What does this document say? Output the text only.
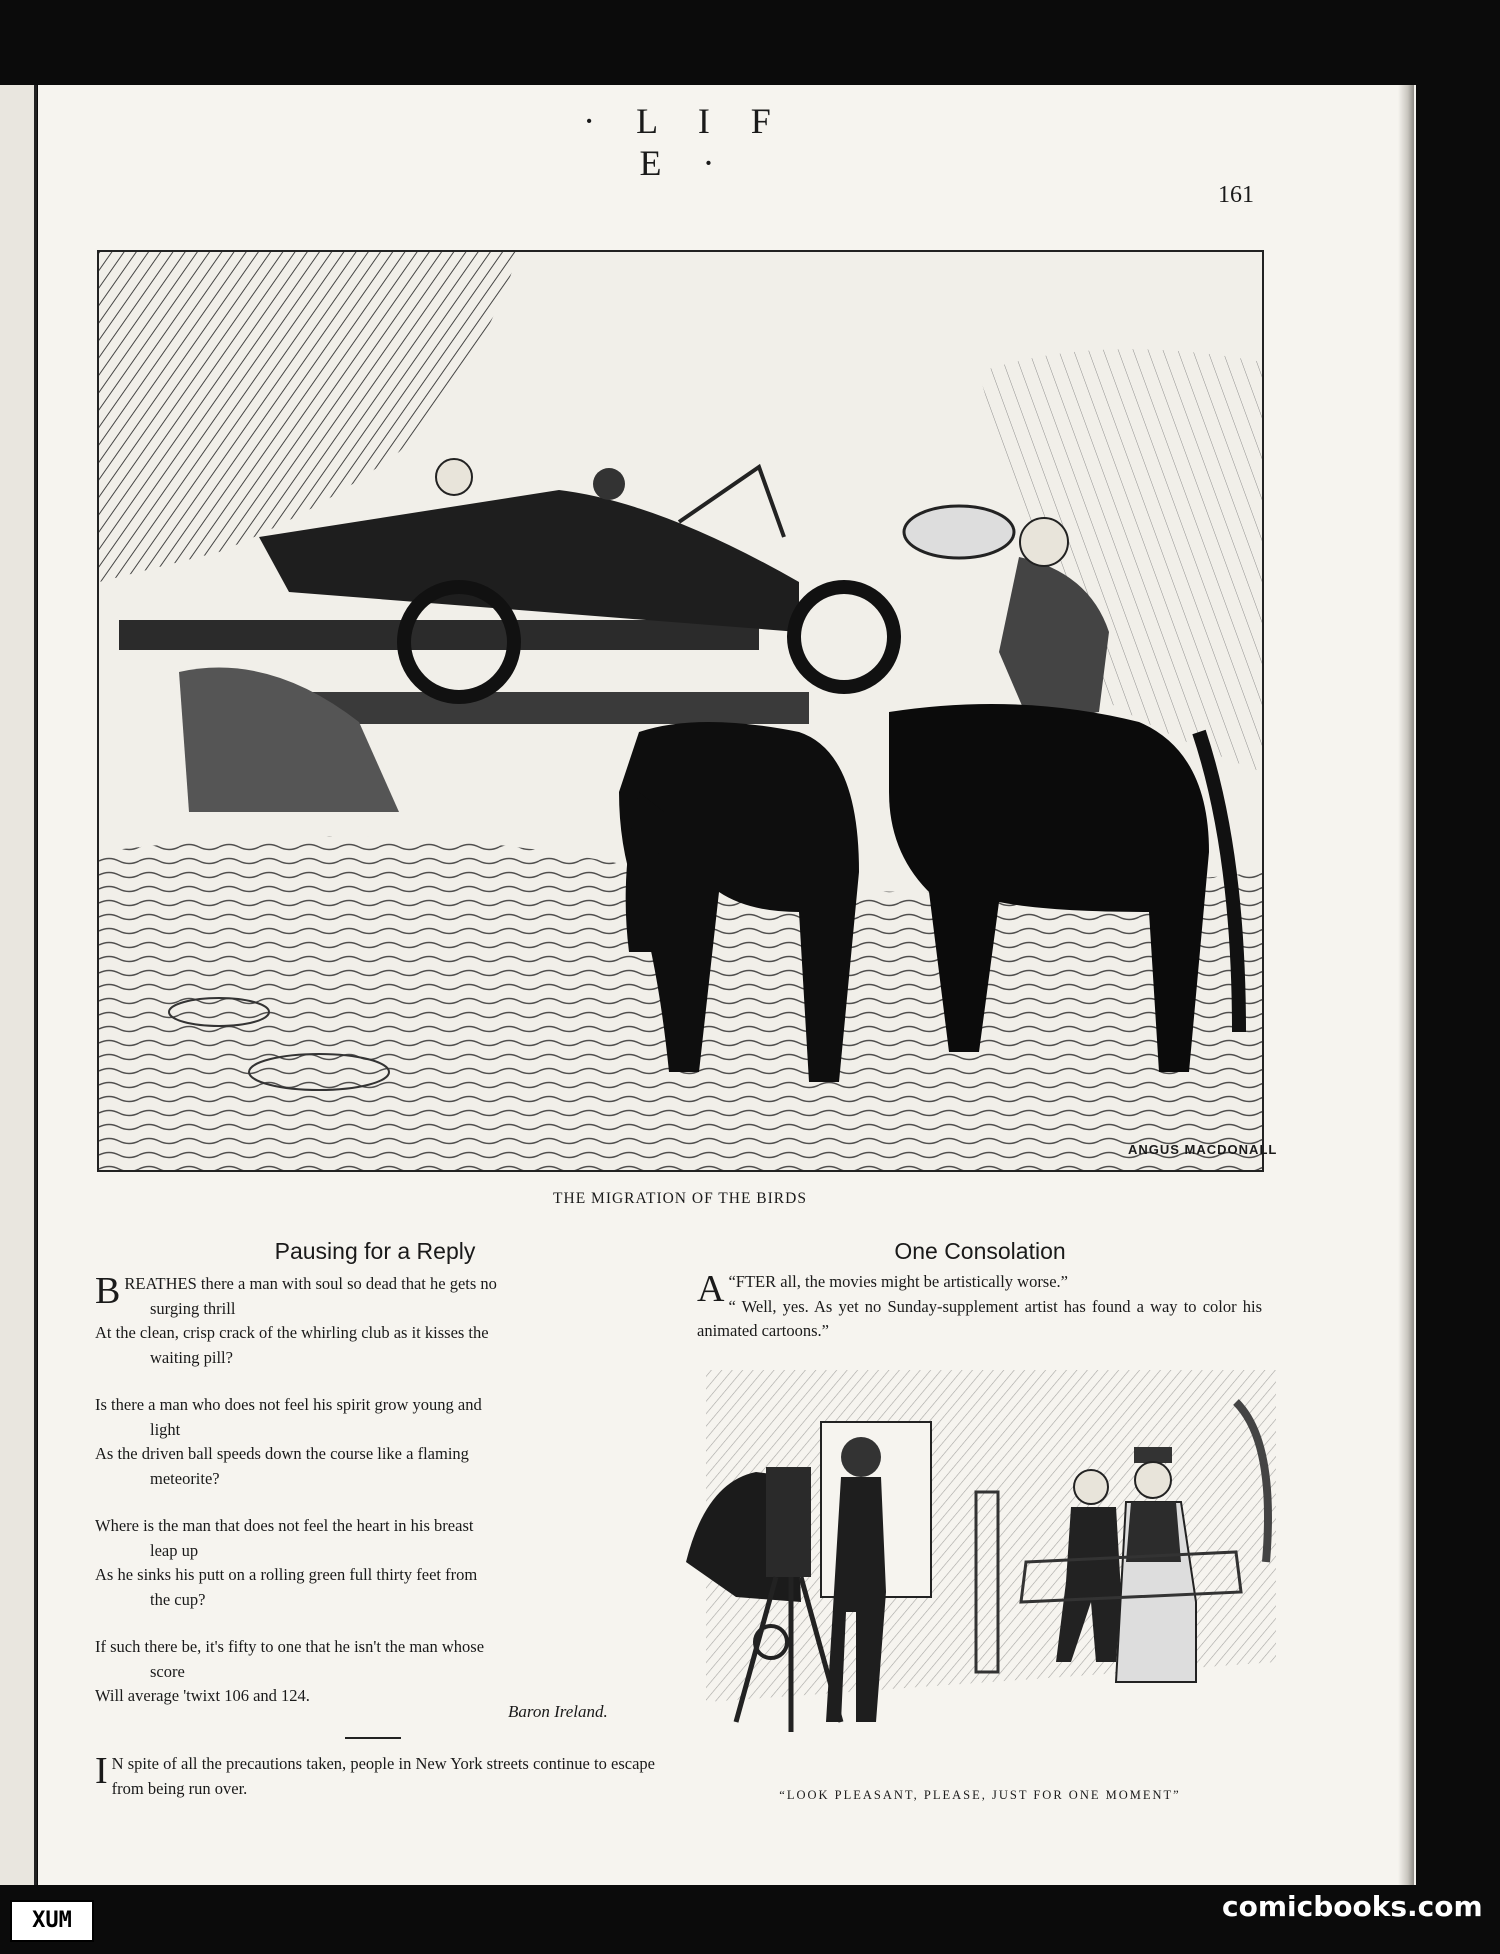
· L I F E ·
161
ANGUS MACDONALL
THE MIGRATION OF THE BIRDS
Pausing for a Reply
BREATHES there a man with soul so dead that he gets no
surging thrill
At the clean, crisp crack of the whirling club as it kisses the
waiting pill?
Is there a man who does not feel his spirit grow young and
light
As the driven ball speeds down the course like a flaming
meteorite?
Where is the man that does not feel the heart in his breast
leap up
As he sinks his putt on a rolling green full thirty feet from
the cup?
If such there be, it's fifty to one that he isn't the man whose
score
Will average 'twixt 106 and 124.
Baron Ireland.
I N spite of all the precautions taken, people in New York streets continue to escape from being run over.
One Consolation
“
A FTER all, the movies might be artistically worse.”
“ Well, yes. As yet no Sunday-supplement artist has found a way to color his animated cartoons.”
“LOOK PLEASANT, PLEASE, JUST FOR ONE MOMENT”
XUM	comicbooks.com
